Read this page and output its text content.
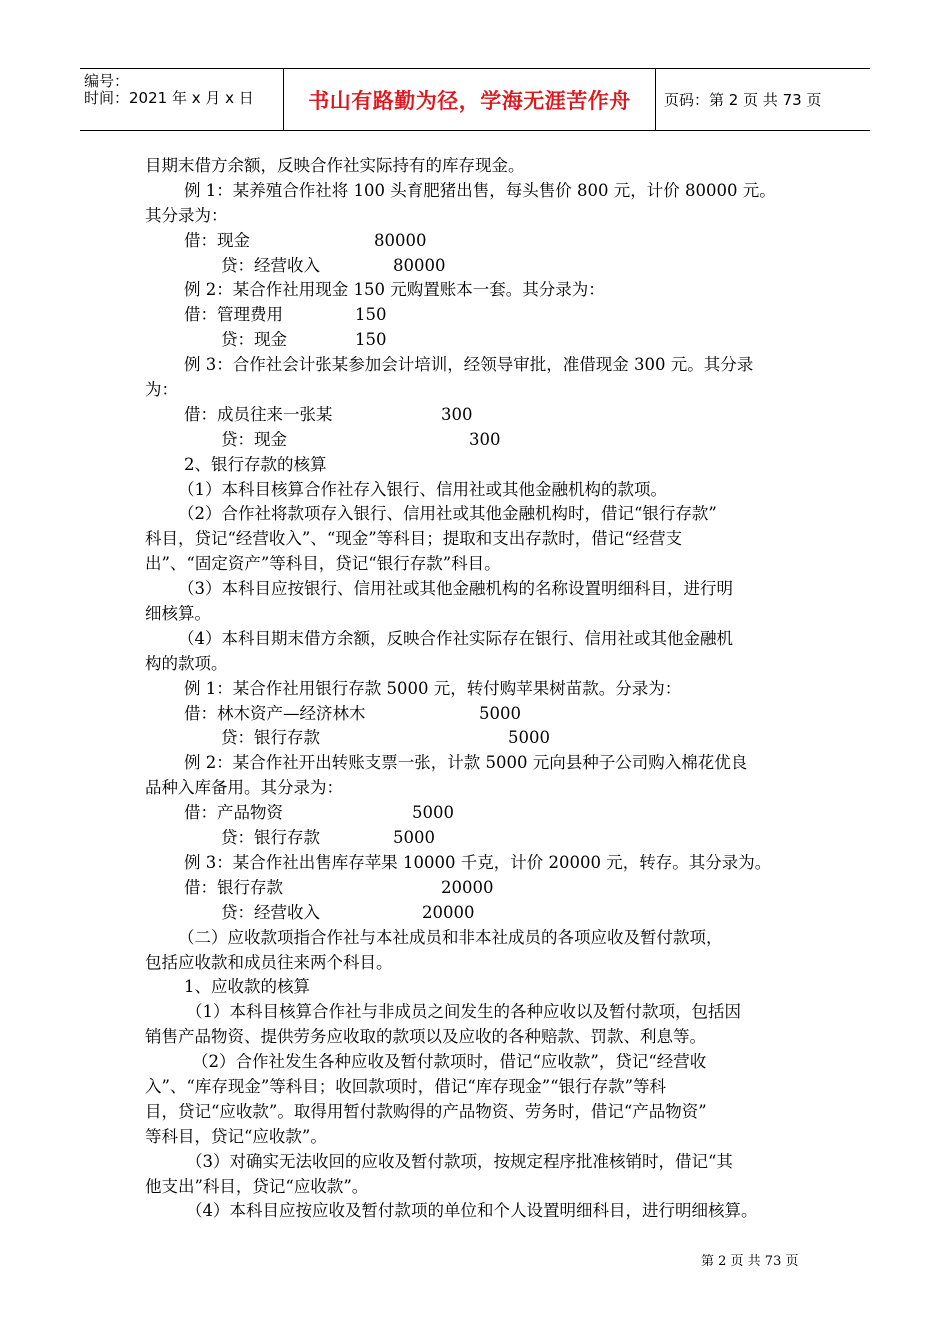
编号：
时间：2021 年 x 月 x 日	书山有路勤为径，学海无涯苦作舟 页码：第 2 页 共 73 页
目期末借方余额，反映合作社实际持有的库存现金。
例 1：某养殖合作社将 100 头育肥猪出售，每头售价 800 元，计价 80000 元。
其分录为：
借：现金	80000
贷：经营收入	80000
例 2：某合作社用现金 150 元购置账本一套。其分录为：
借：管理费用	150
贷：现金	150
例 3：合作社会计张某参加会计培训，经领导审批，准借现金 300 元。其分录
为：
借：成员往来一张某	300
贷：现金	300
2、银行存款的核算
（1）本科目核算合作社存入银行、信用社或其他金融机构的款项。
（2）合作社将款项存入银行、信用社或其他金融机构时，借记“银行存款”
科目，贷记“经营收入”、“现金”等科目；提取和支出存款时，借记“经营支
出”、“固定资产”等科目，贷记“银行存款”科目。
（3）本科目应按银行、信用社或其他金融机构的名称设置明细科目，进行明
细核算。
（4）本科目期末借方余额，反映合作社实际存在银行、信用社或其他金融机
构的款项。
例 1：某合作社用银行存款 5000 元，转付购苹果树苗款。分录为：
借：林木资产—经济林木	5000
贷：银行存款	5000
例 2：某合作社开出转账支票一张，计款 5000 元向县种子公司购入棉花优良
品种入库备用。其分录为：
借：产品物资	5000
贷：银行存款	5000
例 3：某合作社出售库存苹果 10000 千克，计价 20000 元，转存。其分录为。
借：银行存款	20000
贷：经营收入	20000
（二）应收款项指合作社与本社成员和非本社成员的各项应收及暂付款项，
包括应收款和成员往来两个科目。
1、应收款的核算
（1）本科目核算合作社与非成员之间发生的各种应收以及暂付款项，包括因
销售产品物资、提供劳务应收取的款项以及应收的各种赔款、罚款、利息等。
（2）合作社发生各种应收及暂付款项时，借记“应收款”，贷记“经营收
入”、“库存现金”等科目；收回款项时，借记“库存现金”“银行存款”等科
目，贷记“应收款”。取得用暂付款购得的产品物资、劳务时，借记“产品物资”
等科目，贷记“应收款”。
（3）对确实无法收回的应收及暂付款项，按规定程序批准核销时，借记“其
他支出”科目，贷记“应收款”。
（4）本科目应按应收及暂付款项的单位和个人设置明细科目，进行明细核算。
第 2 页 共 73 页
